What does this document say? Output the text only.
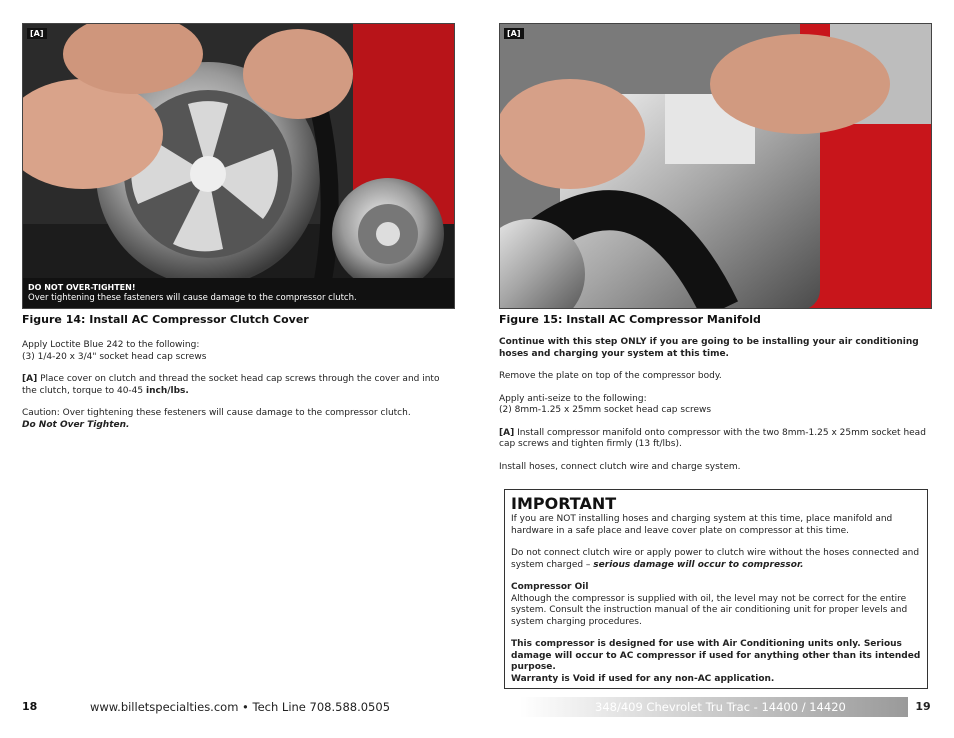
[A]
DO NOT OVER-TIGHTEN!
Over tightening these fasteners will cause damage to the compressor clutch.
Figure 14: Install AC Compressor Clutch Cover

Apply Loctite Blue 242 to the following:
(3) 1/4-20 x 3/4" socket head cap screws

[A] Place cover on clutch and thread the socket head cap screws through the cover and into the clutch, torque to 40-45 inch/lbs.

Caution: Over tightening these festeners will cause damage to the compressor clutch.
Do Not Over Tighten.

[A]
Figure 15: Install AC Compressor Manifold

Continue with this step ONLY if you are going to be installing your air conditioning hoses and charging your system at this time.

Remove the plate on top of the compressor body.

Apply anti-seize to the following:
(2) 8mm-1.25 x 25mm socket head cap screws

[A] Install compressor manifold onto compressor with the two 8mm-1.25 x 25mm socket head cap screws and tighten firmly (13 ft/lbs).

Install hoses, connect clutch wire and charge system.

IMPORTANT

If you are NOT installing hoses and charging system at this time, place manifold and hardware in a safe place and leave cover plate on compressor at this time.

Do not connect clutch wire or apply power to clutch wire without the hoses connected and system charged – serious damage will occur to compressor.

Compressor Oil
Although the compressor is supplied with oil, the level may not be correct for the entire system. Consult the instruction manual of the air conditioning unit for proper levels and system charging procedures.

This compressor is designed for use with Air Conditioning units only. Serious damage will occur to AC compressor if used for anything other than its intended purpose.

Warranty is Void if used for any non-AC application.

18	www.billetspecialties.com • Tech Line 708.588.0505	348/409 Chevrolet Tru Trac - 14400 / 14420	19
